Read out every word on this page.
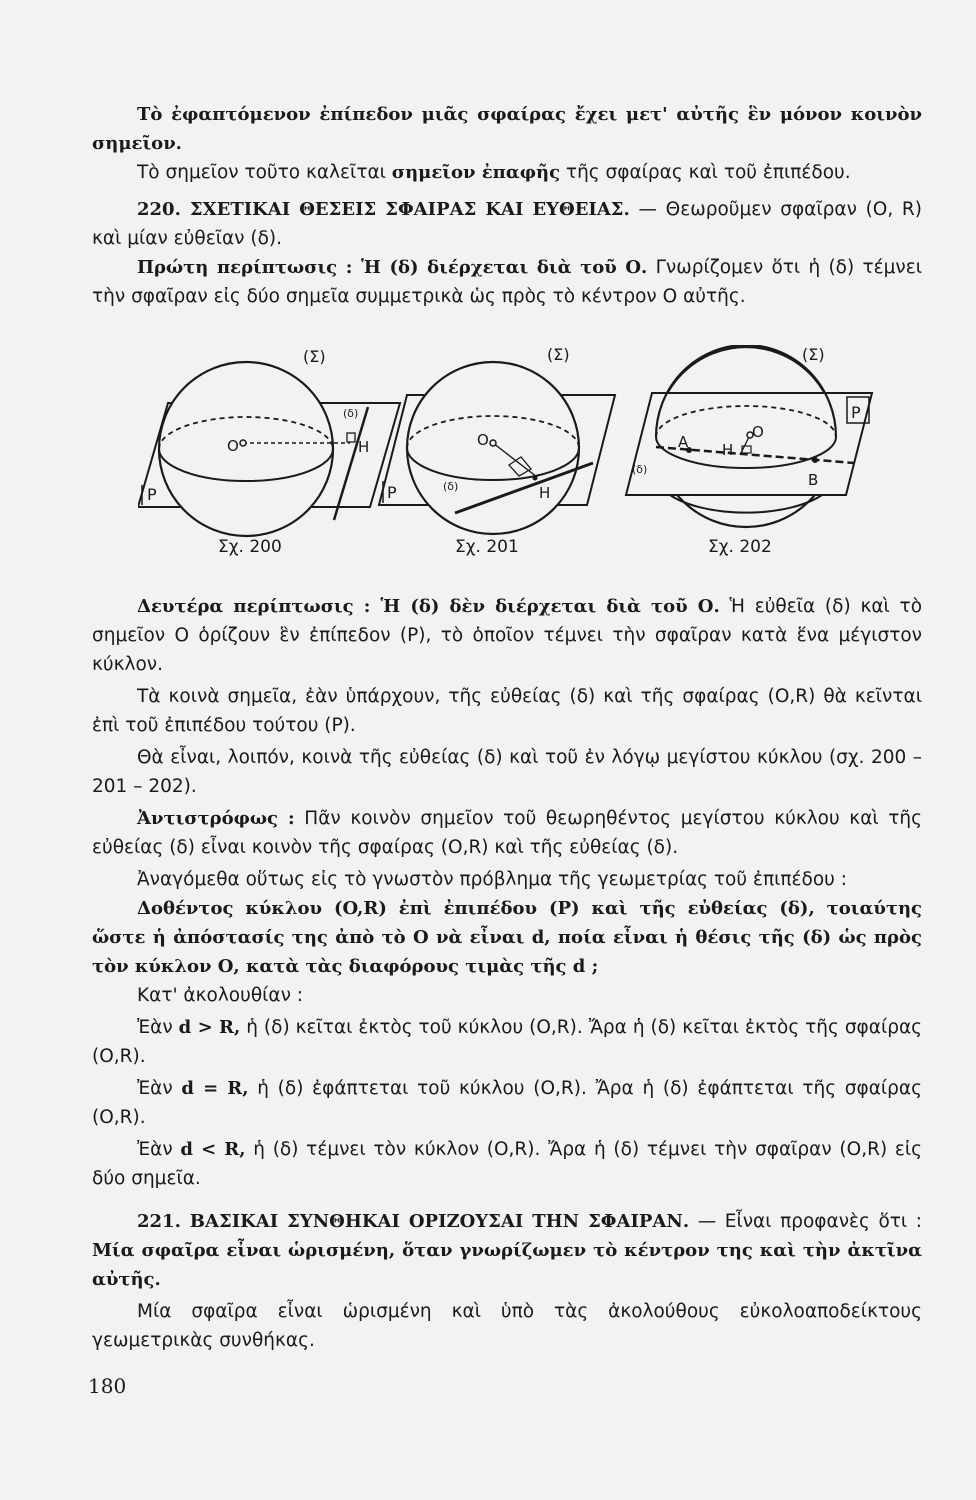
Τὸ ἐφαπτόμενον ἐπίπεδον μιᾶς σφαίρας ἔχει μετ' αὐτῆς ἓν μόνον κοινὸν σημεῖον.

Τὸ σημεῖον τοῦτο καλεῖται σημεῖον ἐπαφῆς τῆς σφαίρας καὶ τοῦ ἐπιπέδου.

220. ΣΧΕΤΙΚΑΙ ΘΕΣΕΙΣ ΣΦΑΙΡΑΣ ΚΑΙ ΕΥΘΕΙΑΣ. — Θεωροῦμεν σφαῖραν (O, R) καὶ μίαν εὐθεῖαν (δ).

Πρώτη περίπτωσις : Ἡ (δ) διέρχεται διὰ τοῦ Ο. Γνωρίζομεν ὅτι ἡ (δ) τέμνει τὴν σφαῖραν εἰς δύο σημεῖα συμμετρικὰ ὡς πρὸς τὸ κέντρον Ο αὐτῆς.

(Σ)
(δ)
O	H
P
Σχ. 200
(Σ)
(δ)
O
H
P
Σχ. 201
(Σ)
(δ)
O
H
A
B
P
Σχ. 202

Δευτέρα περίπτωσις : Ἡ (δ) δὲν διέρχεται διὰ τοῦ Ο. Ἡ εὐθεῖα (δ) καὶ τὸ σημεῖον Ο ὁρίζουν ἓν ἐπίπεδον (P), τὸ ὁποῖον τέμνει τὴν σφαῖραν κατὰ ἕνα μέγιστον κύκλον.

Τὰ κοινὰ σημεῖα, ἐὰν ὑπάρχουν, τῆς εὐθείας (δ) καὶ τῆς σφαίρας (O,R) θὰ κεῖνται ἐπὶ τοῦ ἐπιπέδου τούτου (P).

Θὰ εἶναι, λοιπόν, κοινὰ τῆς εὐθείας (δ) καὶ τοῦ ἐν λόγῳ μεγίστου κύκλου (σχ. 200 – 201 – 202).

Ἀντιστρόφως : Πᾶν κοινὸν σημεῖον τοῦ θεωρηθέντος μεγίστου κύκλου καὶ τῆς εὐθείας (δ) εἶναι κοινὸν τῆς σφαίρας (O,R) καὶ τῆς εὐθείας (δ).

Ἀναγόμεθα οὕτως εἰς τὸ γνωστὸν πρόβλημα τῆς γεωμετρίας τοῦ ἐπιπέδου :

Δοθέντος κύκλου (O,R) ἐπὶ ἐπιπέδου (P) καὶ τῆς εὐθείας (δ), τοιαύτης ὥστε ἡ ἀπόστασίς της ἀπὸ τὸ Ο νὰ εἶναι d, ποία εἶναι ἡ θέσις τῆς (δ) ὡς πρὸς τὸν κύκλον Ο, κατὰ τὰς διαφόρους τιμὰς τῆς d ;

Κατ' ἀκολουθίαν :

Ἐὰν d > R, ἡ (δ) κεῖται ἐκτὸς τοῦ κύκλου (O,R). Ἄρα ἡ (δ) κεῖται ἐκτὸς τῆς σφαίρας (O,R).

Ἐὰν d = R, ἡ (δ) ἐφάπτεται τοῦ κύκλου (O,R). Ἄρα ἡ (δ) ἐφάπτεται τῆς σφαίρας (O,R).

Ἐὰν d < R, ἡ (δ) τέμνει τὸν κύκλον (O,R). Ἄρα ἡ (δ) τέμνει τὴν σφαῖραν (O,R) εἰς δύο σημεῖα.

221. ΒΑΣΙΚΑΙ ΣΥΝΘΗΚΑΙ ΟΡΙΖΟΥΣΑΙ ΤΗΝ ΣΦΑΙΡΑΝ. — Εἶναι προφανὲς ὅτι : Μία σφαῖρα εἶναι ὡρισμένη, ὅταν γνωρίζωμεν τὸ κέντρον της καὶ τὴν ἀκτῖνα αὐτῆς.

Μία σφαῖρα εἶναι ὡρισμένη καὶ ὑπὸ τὰς ἀκολούθους εὐκολοαποδείκτους γεωμετρικὰς συνθήκας.

180
